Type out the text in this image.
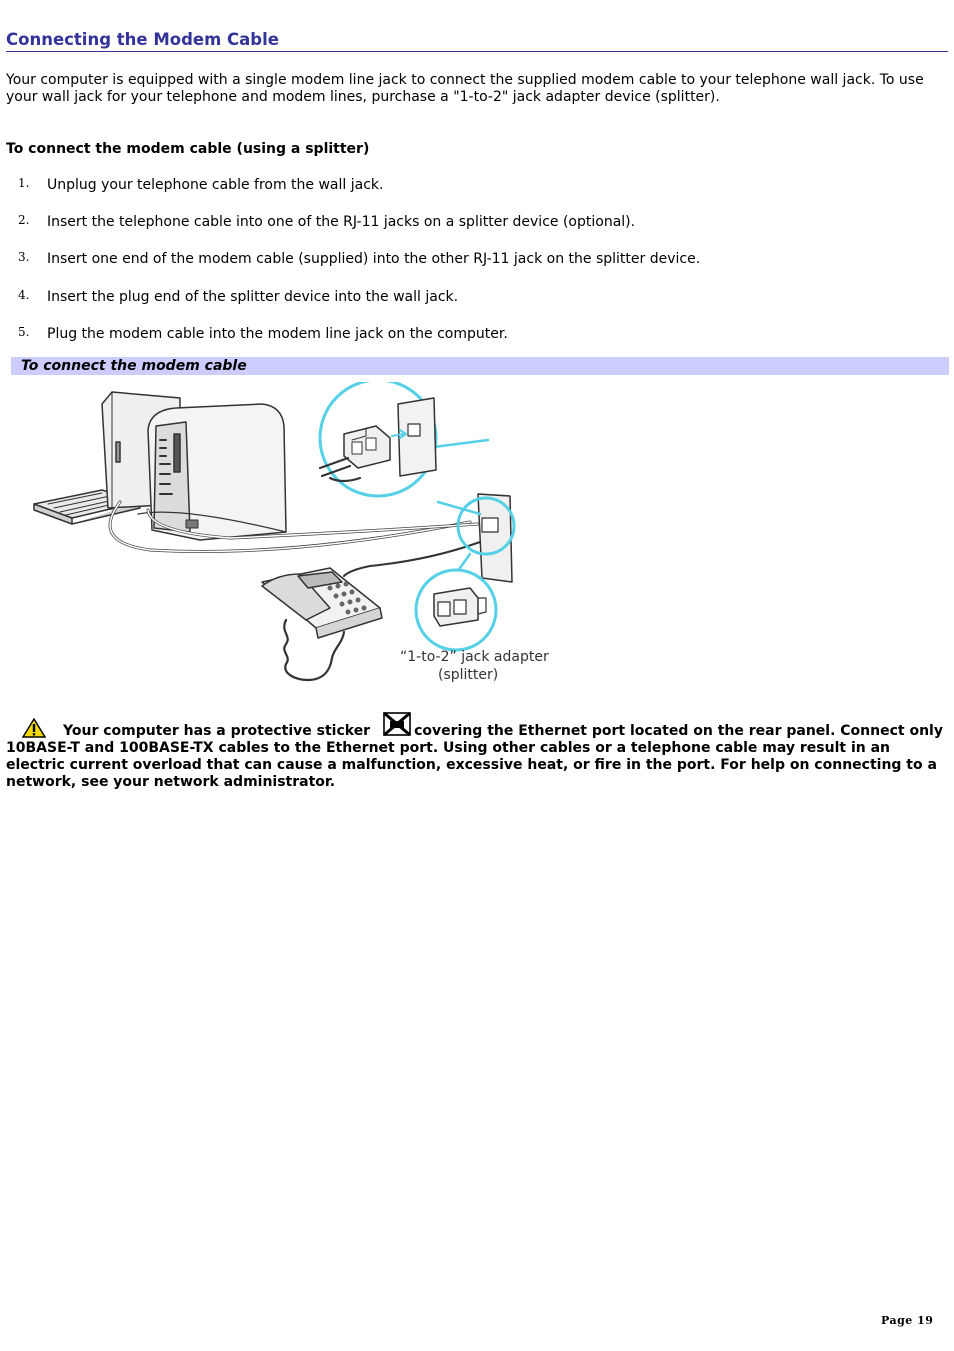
Connecting the Modem Cable

Your computer is equipped with a single modem line jack to connect the supplied modem cable to your telephone wall jack. To use your wall jack for your telephone and modem lines, purchase a "1-to-2" jack adapter device (splitter).

To connect the modem cable (using a splitter)

1. Unplug your telephone cable from the wall jack.
2. Insert the telephone cable into one of the RJ-11 jacks on a splitter device (optional).
3. Insert one end of the modem cable (supplied) into the other RJ-11 jack on the splitter device.
4. Insert the plug end of the splitter device into the wall jack.
5. Plug the modem cable into the modem line jack on the computer.
To connect the modem cable
“1-to-2” jack adapter
(splitter)

Your computer has a protective sticker	covering the Ethernet port located on the rear panel. Connect only 10BASE-T and 100BASE-TX cables to the Ethernet port. Using other cables or a telephone cable may result in an electric current overload that can cause a malfunction, excessive heat, or fire in the port. For help on connecting to a network, see your network administrator.

Page 19
